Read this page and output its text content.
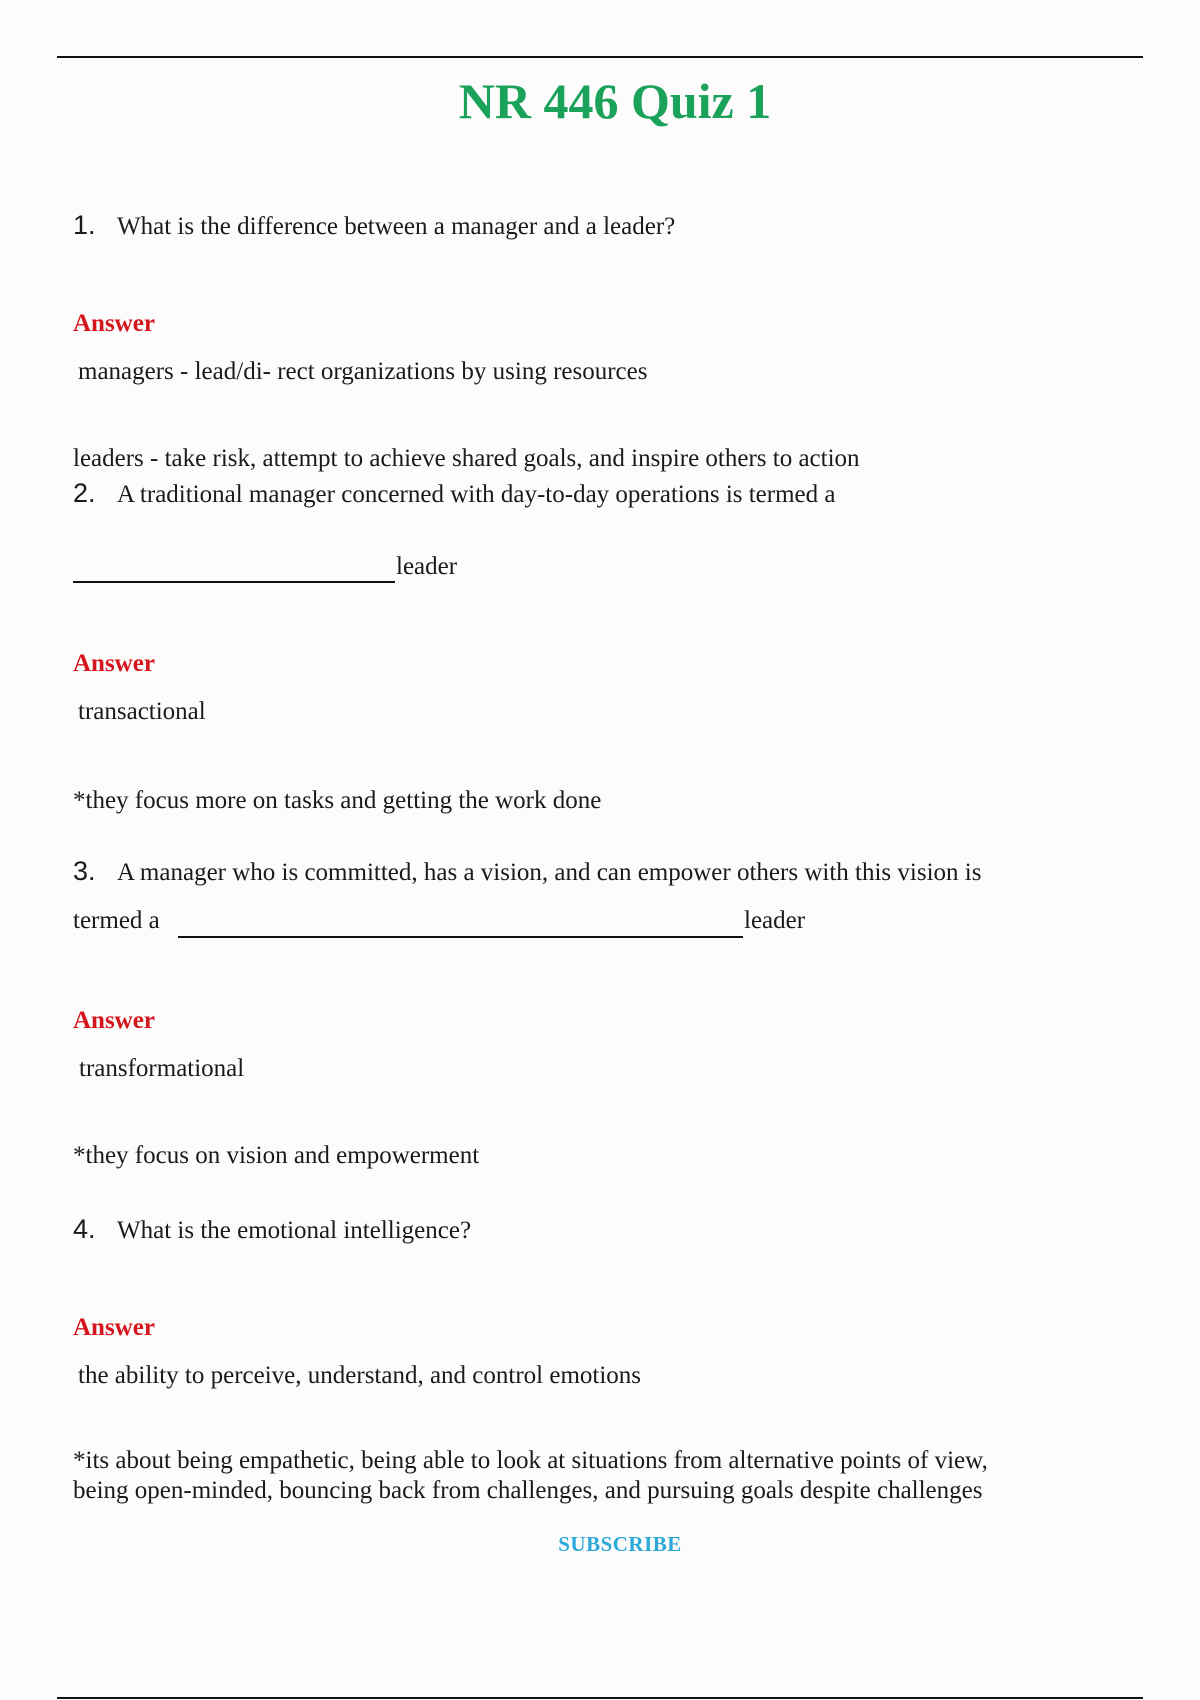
NR 446 Quiz 1
1. What is the difference between a manager and a leader?
Answer
managers - lead/di- rect organizations by using resources
leaders - take risk, attempt to achieve shared goals, and inspire others to action
2. A traditional manager concerned with day-to-day operations is termed a
leader
Answer
transactional
*they focus more on tasks and getting the work done
3. A manager who is committed, has a vision, and can empower others with this vision is
termed a	leader
Answer
transformational
*they focus on vision and empowerment
4. What is the emotional intelligence?
Answer
the ability to perceive, understand, and control emotions
*its about being empathetic, being able to look at situations from alternative points of view,
being open-minded, bouncing back from challenges, and pursuing goals despite challenges
SUBSCRIBE
